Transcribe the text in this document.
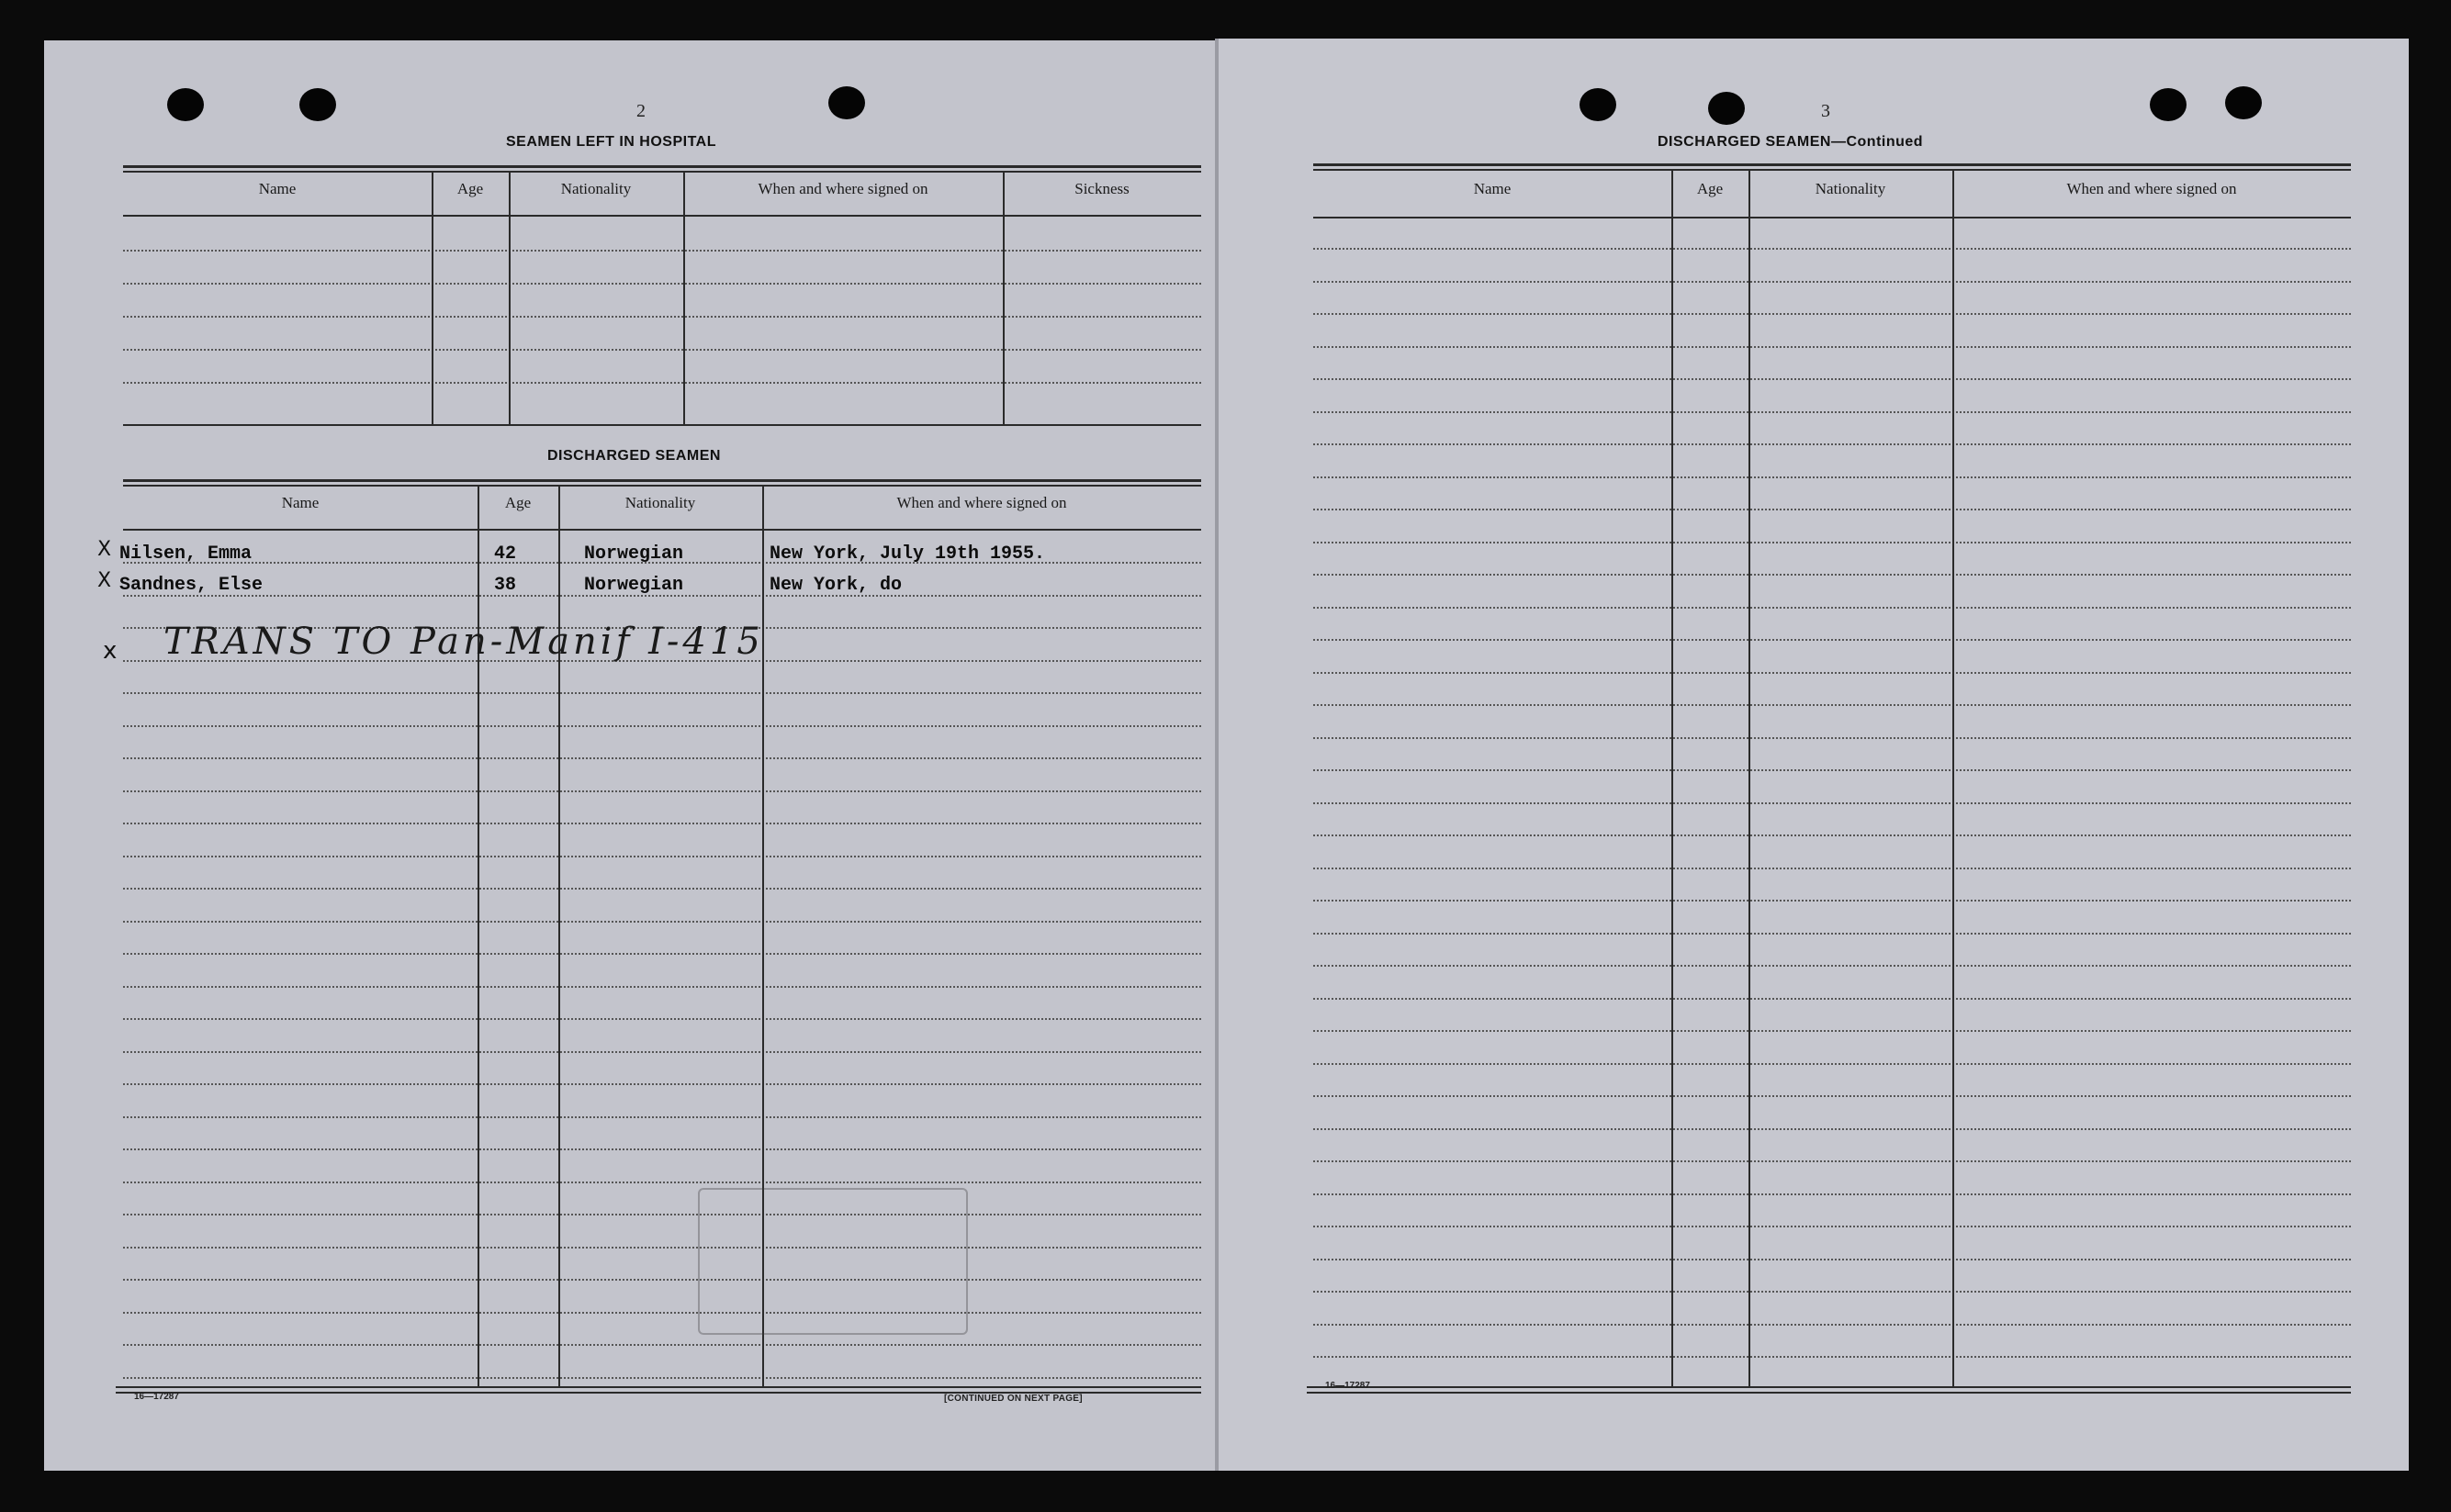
2
SEAMEN LEFT IN HOSPITAL
Name	Age	Nationality	When and where signed on	Sickness
DISCHARGED SEAMEN
Name	Age	Nationality	When and where signed on
X Nilsen, Emma	42	Norwegian	New York, July 19th 1955.
X Sandnes, Else	38	Norwegian	New York, do
x TRANS TO Pan-Manif I-415
16—17287	[CONTINUED ON NEXT PAGE]
3
DISCHARGED SEAMEN—Continued
Name	Age	Nationality	When and where signed on
16—17287
